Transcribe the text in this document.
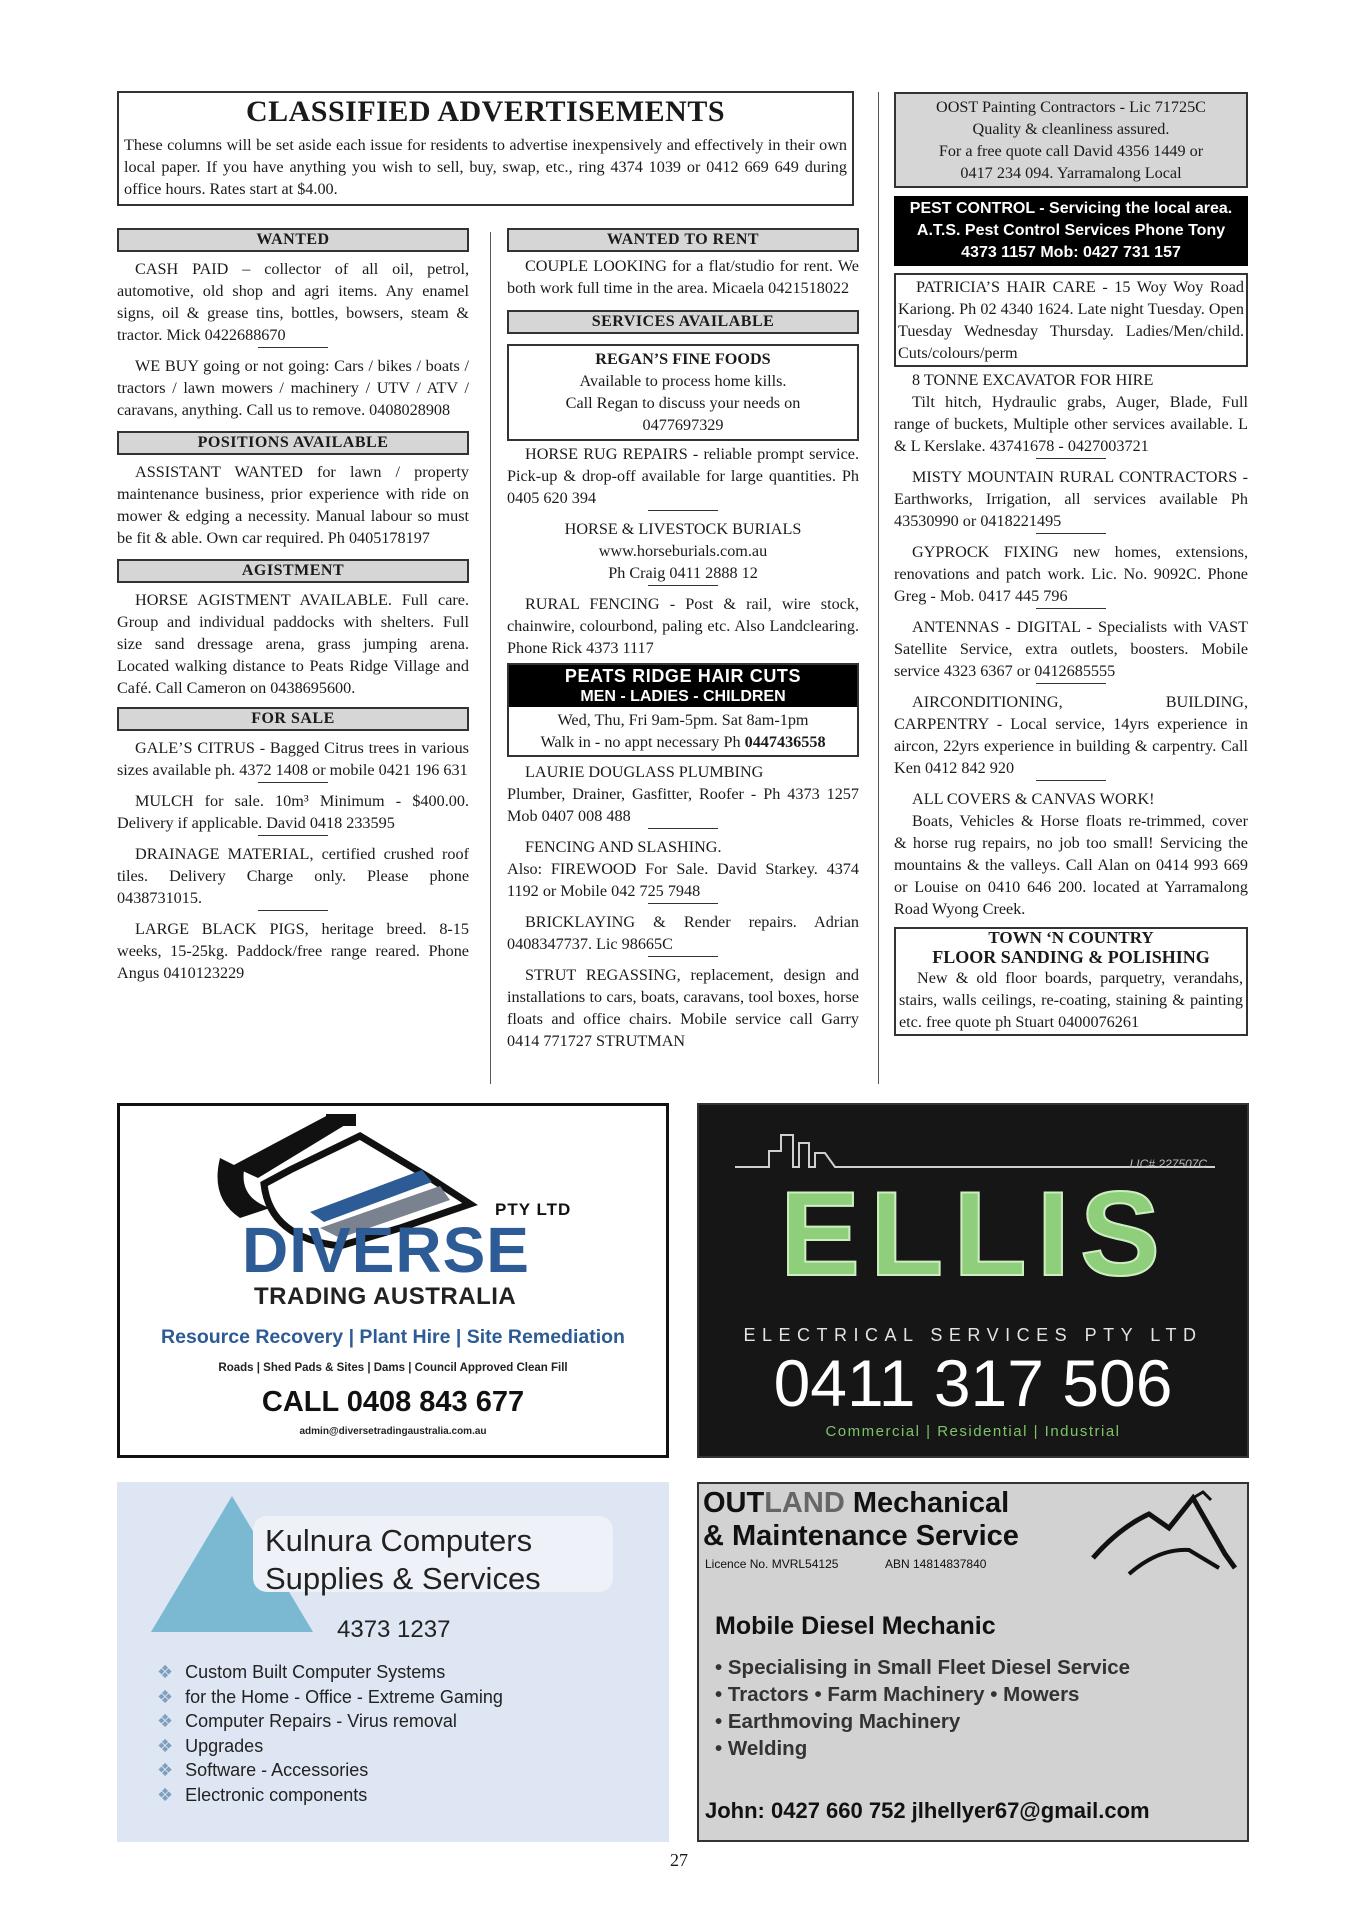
CLASSIFIED ADVERTISEMENTS

These columns will be set aside each issue for residents to advertise inexpensively and effectively in their own local paper. If you have anything you wish to sell, buy, swap, etc., ring 4374 1039 or 0412 669 649 during office hours. Rates start at $4.00.

WANTED

CASH PAID – collector of all oil, petrol, automotive, old shop and agri items. Any enamel signs, oil & grease tins, bottles, bowsers, steam & tractor. Mick 0422688670

WE BUY going or not going: Cars / bikes / boats / tractors / lawn mowers / machinery / UTV / ATV / caravans, anything. Call us to remove. 0408028908

POSITIONS AVAILABLE

ASSISTANT WANTED for lawn / property maintenance business, prior experience with ride on mower & edging a necessity. Manual labour so must be fit & able. Own car required. Ph 0405178197

AGISTMENT

HORSE AGISTMENT AVAILABLE. Full care. Group and individual paddocks with shelters. Full size sand dressage arena, grass jumping arena. Located walking distance to Peats Ridge Village and Café. Call Cameron on 0438695600.

FOR SALE

GALE’S CITRUS - Bagged Citrus trees in various sizes available ph. 4372 1408 or mobile 0421 196 631

MULCH for sale. 10m³ Minimum - $400.00. Delivery if applicable. David 0418 233595

DRAINAGE MATERIAL, certified crushed roof tiles. Delivery Charge only. Please phone 0438731015.

LARGE BLACK PIGS, heritage breed. 8-15 weeks, 15-25kg. Paddock/free range reared. Phone Angus 0410123229

WANTED TO RENT

COUPLE LOOKING for a flat/studio for rent. We both work full time in the area. Micaela 0421518022

SERVICES AVAILABLE
REGAN’S FINE FOODS
Available to process home kills.
Call Regan to discuss your needs on
0477697329

HORSE RUG REPAIRS - reliable prompt service. Pick-up & drop-off available for large quantities. Ph 0405 620 394

HORSE & LIVESTOCK BURIALS
www.horseburials.com.au
Ph Craig 0411 2888 12

RURAL FENCING - Post & rail, wire stock, chainwire, colourbond, paling etc. Also Landclearing. Phone Rick 4373 1117

PEATS RIDGE HAIR CUTS
MEN - LADIES - CHILDREN
Wed, Thu, Fri 9am-5pm. Sat 8am-1pm
Walk in - no appt necessary Ph 0447436558
LAURIE DOUGLASS PLUMBING

Plumber, Drainer, Gasfitter, Roofer - Ph 4373 1257 Mob 0407 008 488

FENCING AND SLASHING.

Also: FIREWOOD For Sale. David Starkey. 4374 1192 or Mobile 042 725 7948

BRICKLAYING & Render repairs. Adrian 0408347737. Lic 98665C

STRUT REGASSING, replacement, design and installations to cars, boats, caravans, tool boxes, horse floats and office chairs. Mobile service call Garry 0414 771727 STRUTMAN

OOST Painting Contractors - Lic 71725C
Quality & cleanliness assured.
For a free quote call David 4356 1449 or
0417 234 094. Yarramalong Local
PEST CONTROL - Servicing the local area. A.T.S. Pest Control Services Phone Tony 4373 1157 Mob: 0427 731 157

PATRICIA’S HAIR CARE - 15 Woy Woy Road Kariong. Ph 02 4340 1624. Late night Tuesday. Open Tuesday Wednesday Thursday. Ladies/Men/child. Cuts/colours/perm

8 TONNE EXCAVATOR FOR HIRE

Tilt hitch, Hydraulic grabs, Auger, Blade, Full range of buckets, Multiple other services available. L & L Kerslake. 43741678 - 0427003721

MISTY MOUNTAIN RURAL CONTRACTORS - Earthworks, Irrigation, all services available Ph 43530990 or 0418221495

GYPROCK FIXING new homes, extensions, renovations and patch work. Lic. No. 9092C. Phone Greg - Mob. 0417 445 796

ANTENNAS - DIGITAL - Specialists with VAST Satellite Service, extra outlets, boosters. Mobile service 4323 6367 or 0412685555

AIRCONDITIONING, BUILDING, CARPENTRY - Local service, 14yrs experience in aircon, 22yrs experience in building & carpentry. Call Ken 0412 842 920

ALL COVERS & CANVAS WORK!

Boats, Vehicles & Horse floats re-trimmed, cover & horse rug repairs, no job too small! Servicing the mountains & the valleys. Call Alan on 0414 993 669 or Louise on 0410 646 200. located at Yarramalong Road Wyong Creek.

TOWN ‘N COUNTRY
FLOOR SANDING & POLISHING

New & old floor boards, parquetry, verandahs, stairs, walls ceilings, re-coating, staining & painting etc. free quote ph Stuart 0400076261

PTY LTD
DIVERSE
TRADING AUSTRALIA
Resource Recovery | Plant Hire | Site Remediation
Roads | Shed Pads & Sites | Dams | Council Approved Clean Fill
CALL 0408 843 677
admin@diversetradingaustralia.com.au
LIC# 227507C
ELLIS
ELECTRICAL SERVICES PTY LTD
0411 317 506
Commercial | Residential | Industrial
Kulnura Computers
Supplies & Services
4373 1237
❖ Custom Built Computer Systems
❖ for the Home - Office - Extreme Gaming
❖ Computer Repairs - Virus removal
❖ Upgrades
❖ Software - Accessories
❖ Electronic components
OUTLAND Mechanical
& Maintenance Service
Licence No. MVRL54125	ABN 14814837840
Mobile Diesel Mechanic
• Specialising in Small Fleet Diesel Service
• Tractors • Farm Machinery • Mowers
• Earthmoving Machinery
• Welding
John: 0427 660 752 jlhellyer67@gmail.com
27
